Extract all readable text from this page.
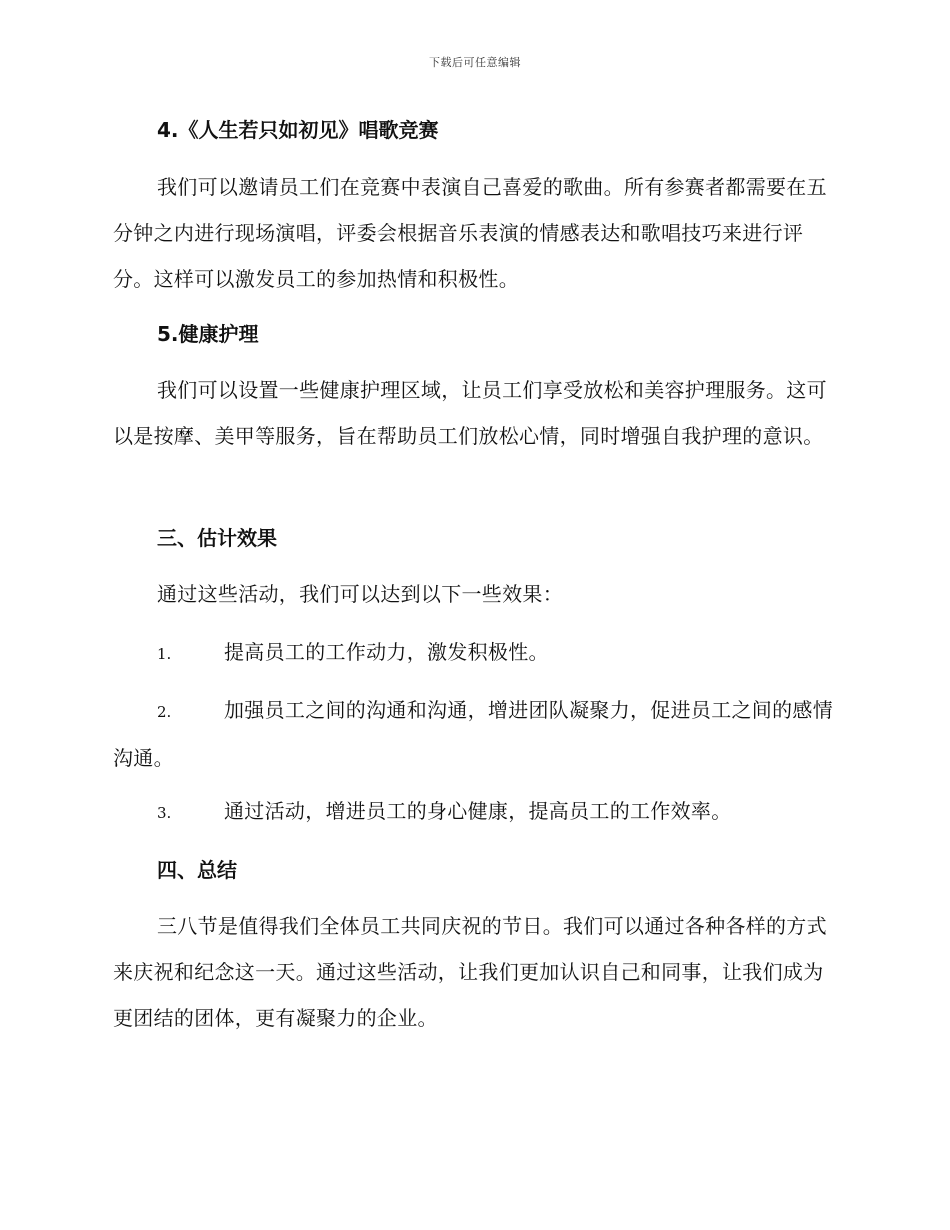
下载后可任意编辑
4.《人生若只如初见》唱歌竞赛
我们可以邀请员工们在竞赛中表演自己喜爱的歌曲。所有参赛者都需要在五分钟之内进行现场演唱，评委会根据音乐表演的情感表达和歌唱技巧来进行评分。这样可以激发员工的参加热情和积极性。
5.健康护理
我们可以设置一些健康护理区域，让员工们享受放松和美容护理服务。这可以是按摩、美甲等服务，旨在帮助员工们放松心情，同时增强自我护理的意识。
三、估计效果
通过这些活动，我们可以达到以下一些效果：
1.	提高员工的工作动力，激发积极性。
2.	加强员工之间的沟通和沟通，增进团队凝聚力，促进员工之间的感情沟通。
3.	通过活动，增进员工的身心健康，提高员工的工作效率。
四、总结
三八节是值得我们全体员工共同庆祝的节日。我们可以通过各种各样的方式来庆祝和纪念这一天。通过这些活动，让我们更加认识自己和同事，让我们成为更团结的团体，更有凝聚力的企业。
